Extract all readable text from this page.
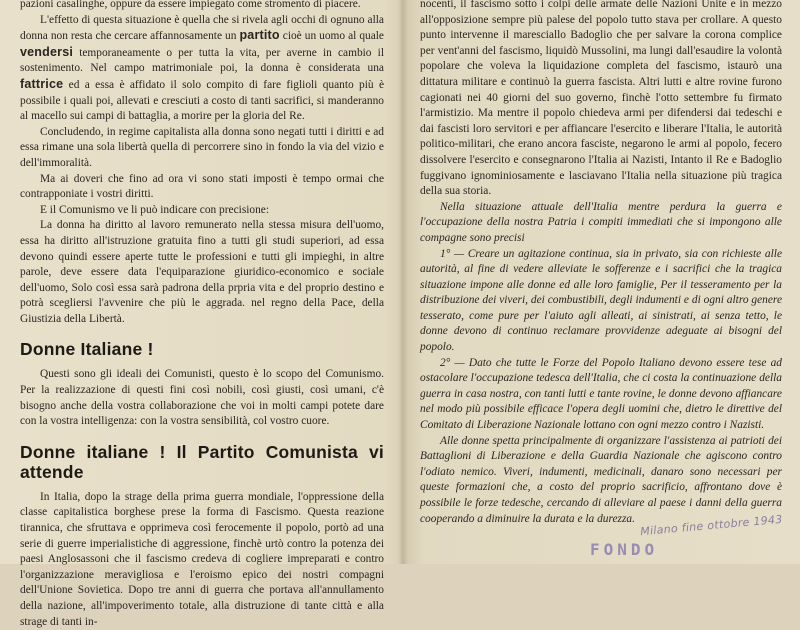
pazioni casalinghe, oppure da essere impiegato come stromento di piacere.

L'effetto di questa situazione è quella che si rivela agli occhi di ognuno alla donna non resta che cercare affannosamente un partito cioè un uomo al quale vendersi temporaneamente o per tutta la vita, per averne in cambio il sostenimento. Nel campo matrimoniale poi, la donna è considerata una fattrice ed a essa è affidato il solo compito di fare figlioli quanto più è possibile i quali poi, allevati e cresciuti a costo di tanti sacrifici, si manderanno al macello sui campi di battaglia, a morire per la gloria del Re.

Concludendo, in regime capitalista alla donna sono negati tutti i diritti e ad essa rimane una sola libertà quella di percorrere sino in fondo la via del vizio e dell'immoralità.

Ma ai doveri che fino ad ora vi sono stati imposti è tempo ormai che contrapponiate i vostri diritti.

E il Comunismo ve li può indicare con precisione:

La donna ha diritto al lavoro remunerato nella stessa misura dell'uomo, essa ha diritto all'istruzione gratuita fino a tutti gli studi superiori, ad essa devono quindi essere aperte tutte le professioni e tutti gli impieghi, in altre parole, deve essere data l'equiparazione giuridico-economico e sociale dell'uomo, Solo così essa sarà padrona della prpria vita e del proprio destino e potrà scegliersi l'avvenire che più le aggrada. nel regno della Pace, della Giustizia della Libertà.

Donne Italiane !

Questi sono gli ideali dei Comunisti, questo è lo scopo del Comunismo. Per la realizzazione di questi fini così nobili, così giusti, così umani, c'è bisogno anche della vostra collaborazione che voi in molti campi potete dare con la vostra intelligenza: con la vostra sensibilità, col vostro cuore.

Donne italiane ! Il Partito Comunista vi attende

In Italia, dopo la strage della prima guerra mondiale, l'oppressione della classe capitalistica borghese prese la forma di Fascismo. Questa reazione tirannica, che sfruttava e opprimeva così ferocemente il popolo, portò ad una serie di guerre imperialistiche di aggressione, finchè urtò contro la potenza dei paesi Anglosassoni che il fascismo credeva di cogliere impreparati e contro l'organizzazione meravigliosa e l'eroismo epico dei nostri compagni dell'Unione Sovietica. Dopo tre anni di guerra che portava all'annullamento della nazione, all'impoverimento totale, alla distruzione di tante città e alla strage di tanti in-

nocenti, il fascismo sotto i colpi delle armate delle Nazioni Unite e in mezzo all'opposizione sempre più palese del popolo tutto stava per crollare. A questo punto intervenne il maresciallo Badoglio che per salvare la corona complice per vent'anni del fascismo, liquidò Mussolini, ma lungi dall'esaudire la volontà popolare che voleva la liquidazione completa del fascismo, istaurò una dittatura militare e continuò la guerra fascista. Altri lutti e altre rovine furono cagionati nei 40 giorni del suo governo, finchè l'otto settembre fu firmato l'armistizio. Ma mentre il popolo chiedeva armi per difendersi dai tedeschi e dai fascisti loro servitori e per affiancare l'esercito e liberare l'Italia, le autorità politico-militari, che erano ancora fasciste, negarono le armi al popolo, fecero dissolvere l'esercito e consegnarono l'Italia ai Nazisti, Intanto il Re e Badoglio fuggivano ignominiosamente e lasciavano l'Italia nella situazione più tragica della sua storia.

Nella situazione attuale dell'Italia mentre perdura la guerra e l'occupazione della nostra Patria i compiti immediati che si impongono alle compagne sono precisi

1° — Creare un agitazione continua, sia in privato, sia con richieste alle autorità, al fine di vedere alleviate le sofferenze e i sacrifici che la tragica situazione impone alle donne ed alle loro famiglie, Per il tesseramento per la distribuzione dei viveri, dei combustibili, degli indumenti e di ogni altro genere tesserato, come pure per l'aiuto agli alleati, ai sinistrati, ai senza tetto, le donne devono di continuo reclamare provvidenze adeguate ai bisogni del popolo.

2° — Dato che tutte le Forze del Popolo Italiano devono essere tese ad ostacolare l'occupazione tedesca dell'Italia, che ci costa la continuazione della guerra in casa nostra, con tanti lutti e tante rovine, le donne devono affiancare nel modo più possibile efficace l'opera degli uomini che, dietro le direttive del Comitato di Liberazione Nazionale lottano con ogni mezzo contro i Nazisti.

Alle donne spetta principalmente di organizzare l'assistenza ai patrioti dei Battaglioni di Liberazione e della Guardia Nazionale che agiscono contro l'odiato nemico. Viveri, indumenti, medicinali, danaro sono necessari per queste formazioni che, a costo del proprio sacrificio, affrontano dove è possibile le forze tedesche, cercando di alleviare al paese i danni della guerra cooperando a diminuire la durata e la durezza. Milano fine ottobre 1943
FONDO
